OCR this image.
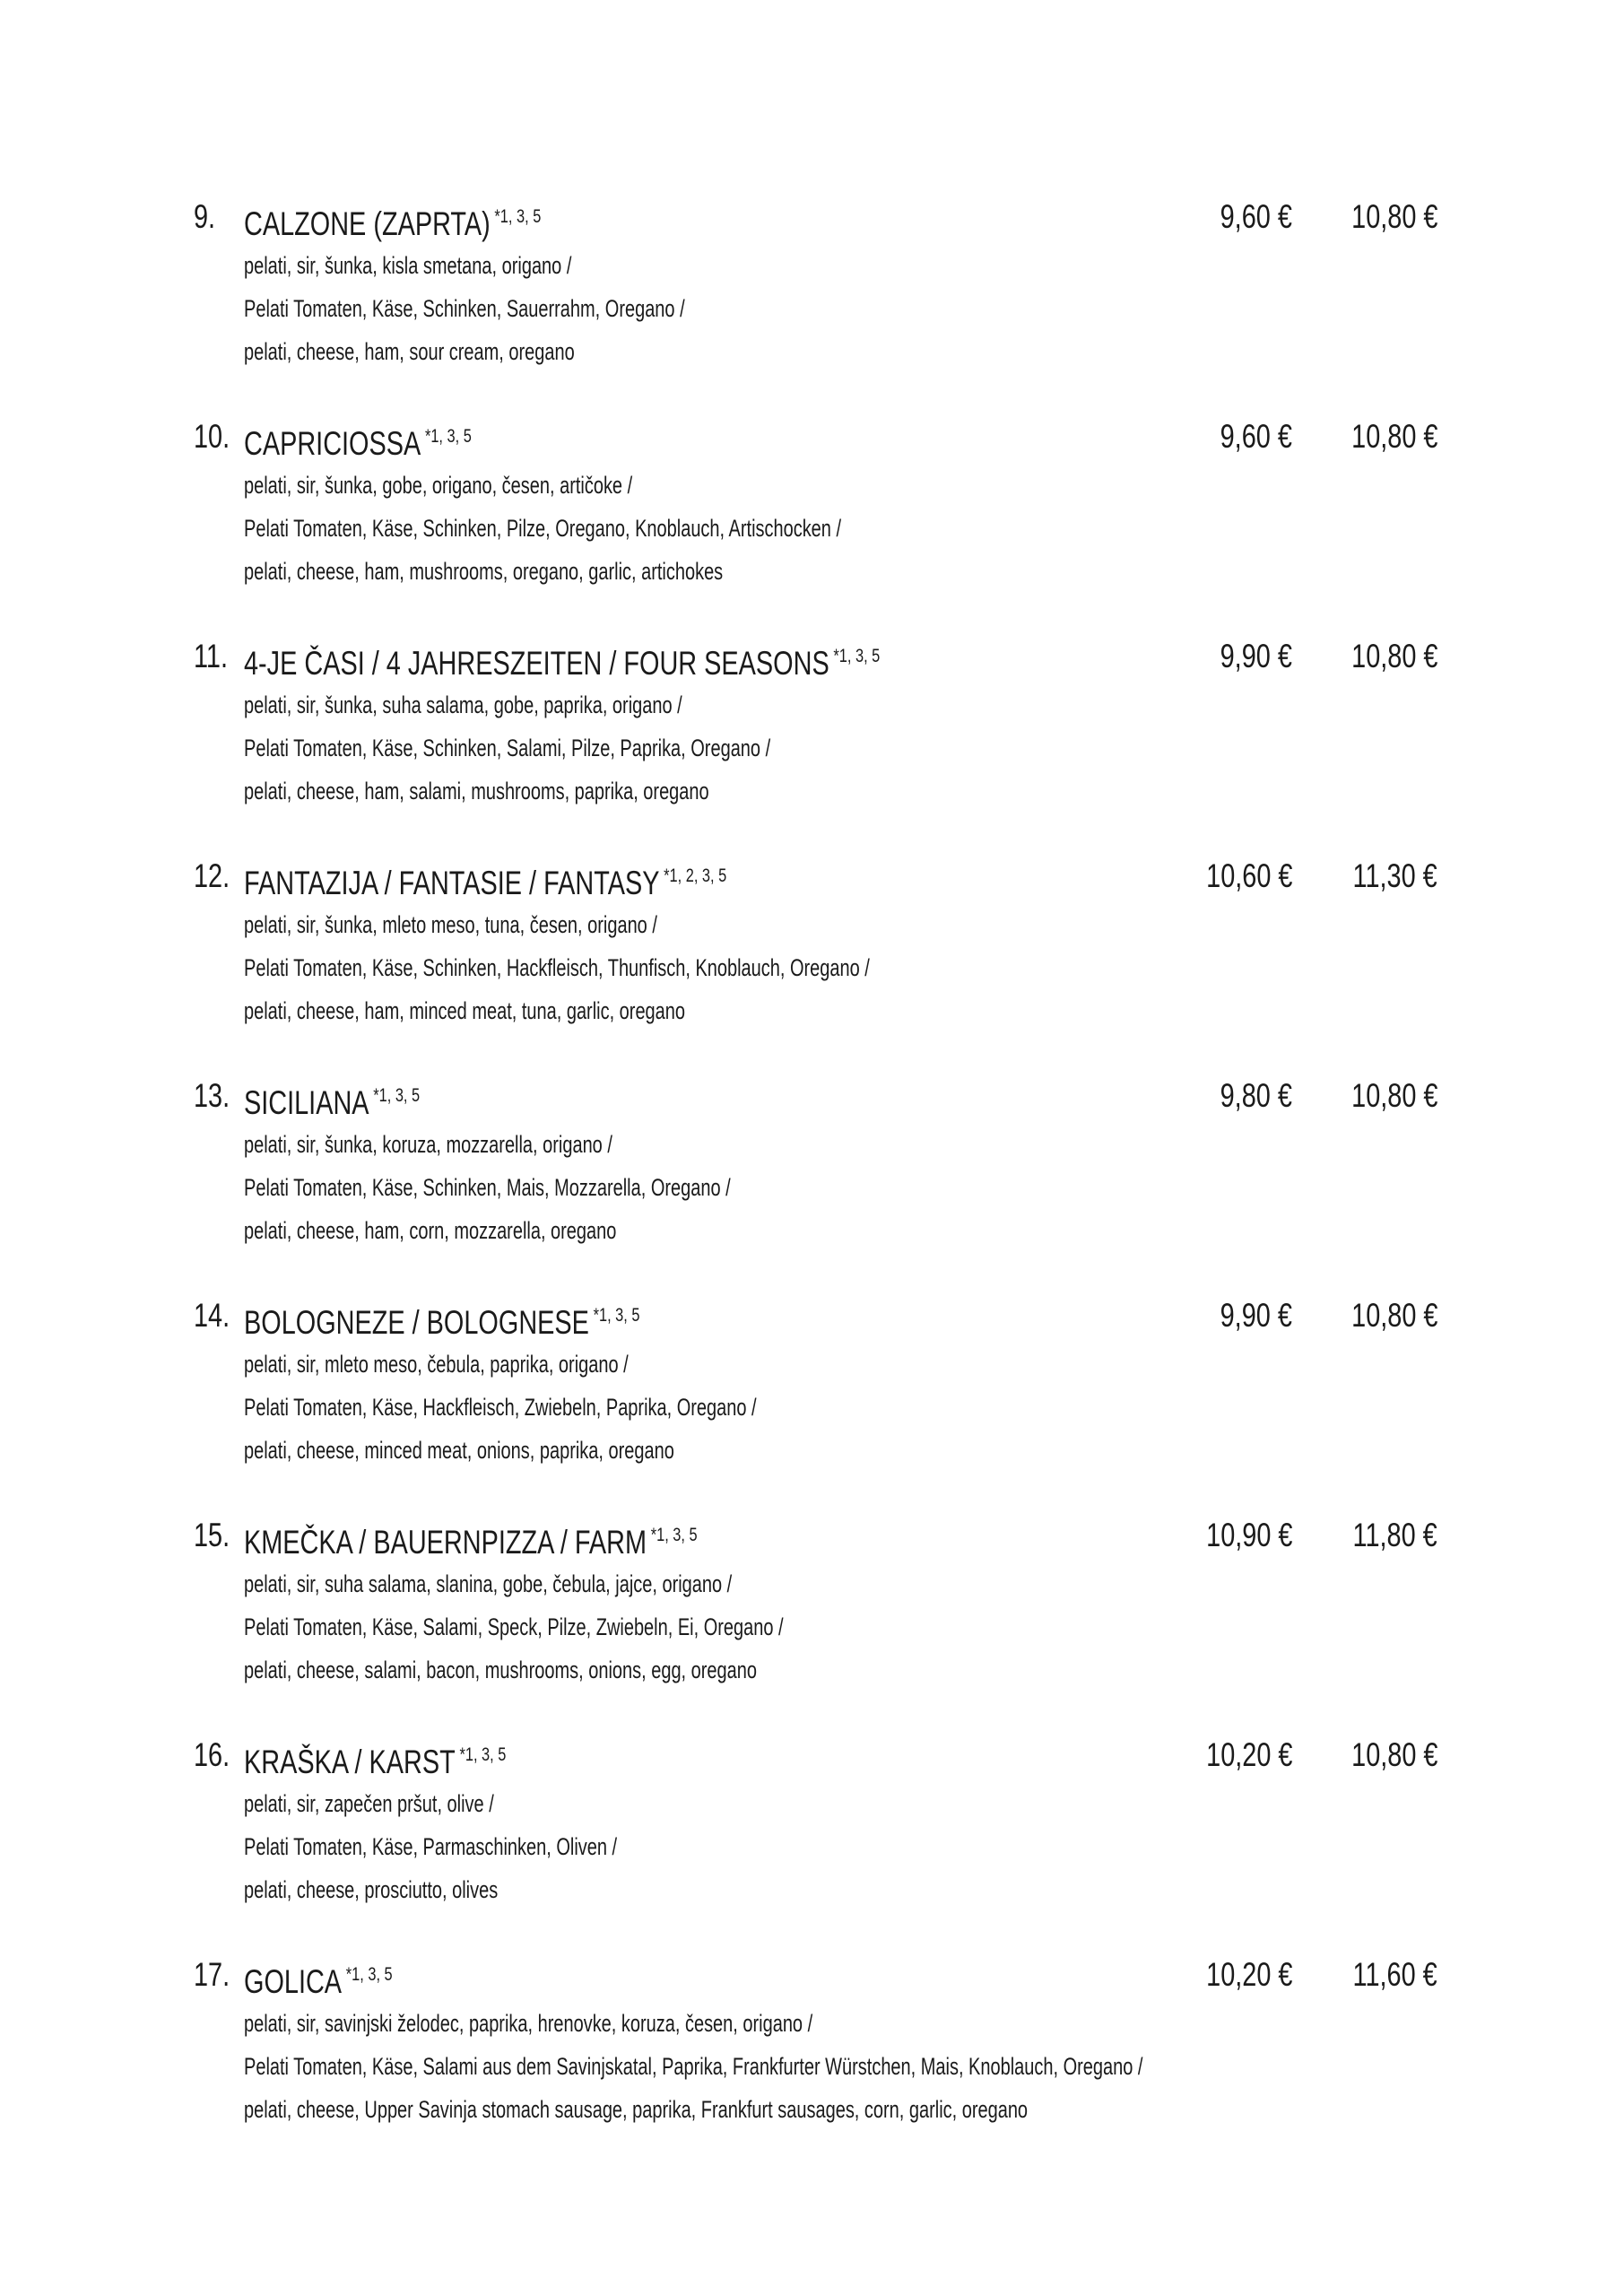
9. CALZONE (ZAPRTA) $^{*1, 3, 5}$
pelati, sir, šunka, kisla smetana, origano /
Pelati Tomaten, Käse, Schinken, Sauerrahm, Oregano /
pelati, cheese, ham, sour cream, oregano
9,60 € 10,80 €
10. CAPRICIOSSA $^{*1, 3, 5}$
pelati, sir, šunka, gobe, origano, česen, artičoke /
Pelati Tomaten, Käse, Schinken, Pilze, Oregano, Knoblauch, Artischocken /
pelati, cheese, ham, mushrooms, oregano, garlic, artichokes
9,60 € 10,80 €
11. 4-JE ČASI / 4 JAHRESZEITEN / FOUR SEASONS $^{*1, 3, 5}$
pelati, sir, šunka, suha salama, gobe, paprika, origano /
Pelati Tomaten, Käse, Schinken, Salami, Pilze, Paprika, Oregano /
pelati, cheese, ham, salami, mushrooms, paprika, oregano
9,90 € 10,80 €
12. FANTAZIJA / FANTASIE / FANTASY $^{*1, 2, 3, 5}$
pelati, sir, šunka, mleto meso, tuna, česen, origano /
Pelati Tomaten, Käse, Schinken, Hackfleisch, Thunfisch, Knoblauch, Oregano /
pelati, cheese, ham, minced meat, tuna, garlic, oregano
10,60 € 11,30 €
13. SICILIANA $^{*1, 3, 5}$
pelati, sir, šunka, koruza, mozzarella, origano /
Pelati Tomaten, Käse, Schinken, Mais, Mozzarella, Oregano /
pelati, cheese, ham, corn, mozzarella, oregano
9,80 € 10,80 €
14. BOLOGNEZE / BOLOGNESE $^{*1, 3, 5}$
pelati, sir, mleto meso, čebula, paprika, origano /
Pelati Tomaten, Käse, Hackfleisch, Zwiebeln, Paprika, Oregano /
pelati, cheese, minced meat, onions, paprika, oregano
9,90 € 10,80 €
15. KMEČKA / BAUERNPIZZA / FARM $^{*1, 3, 5}$
pelati, sir, suha salama, slanina, gobe, čebula, jajce, origano /
Pelati Tomaten, Käse, Salami, Speck, Pilze, Zwiebeln, Ei, Oregano /
pelati, cheese, salami, bacon, mushrooms, onions, egg, oregano
10,90 € 11,80 €
16. KRAŠKA / KARST $^{*1, 3, 5}$
pelati, sir, zapečen pršut, olive /
Pelati Tomaten, Käse, Parmaschinken, Oliven /
pelati, cheese, prosciutto, olives
10,20 € 10,80 €
17. GOLICA $^{*1, 3, 5}$
pelati, sir, savinjski želodec, paprika, hrenovke, koruza, česen, origano /
Pelati Tomaten, Käse, Salami aus dem Savinjskatal, Paprika, Frankfurter Würstchen, Mais, Knoblauch, Oregano /
pelati, cheese, Upper Savinja stomach sausage, paprika, Frankfurt sausages, corn, garlic, oregano
10,20 € 11,60 €
